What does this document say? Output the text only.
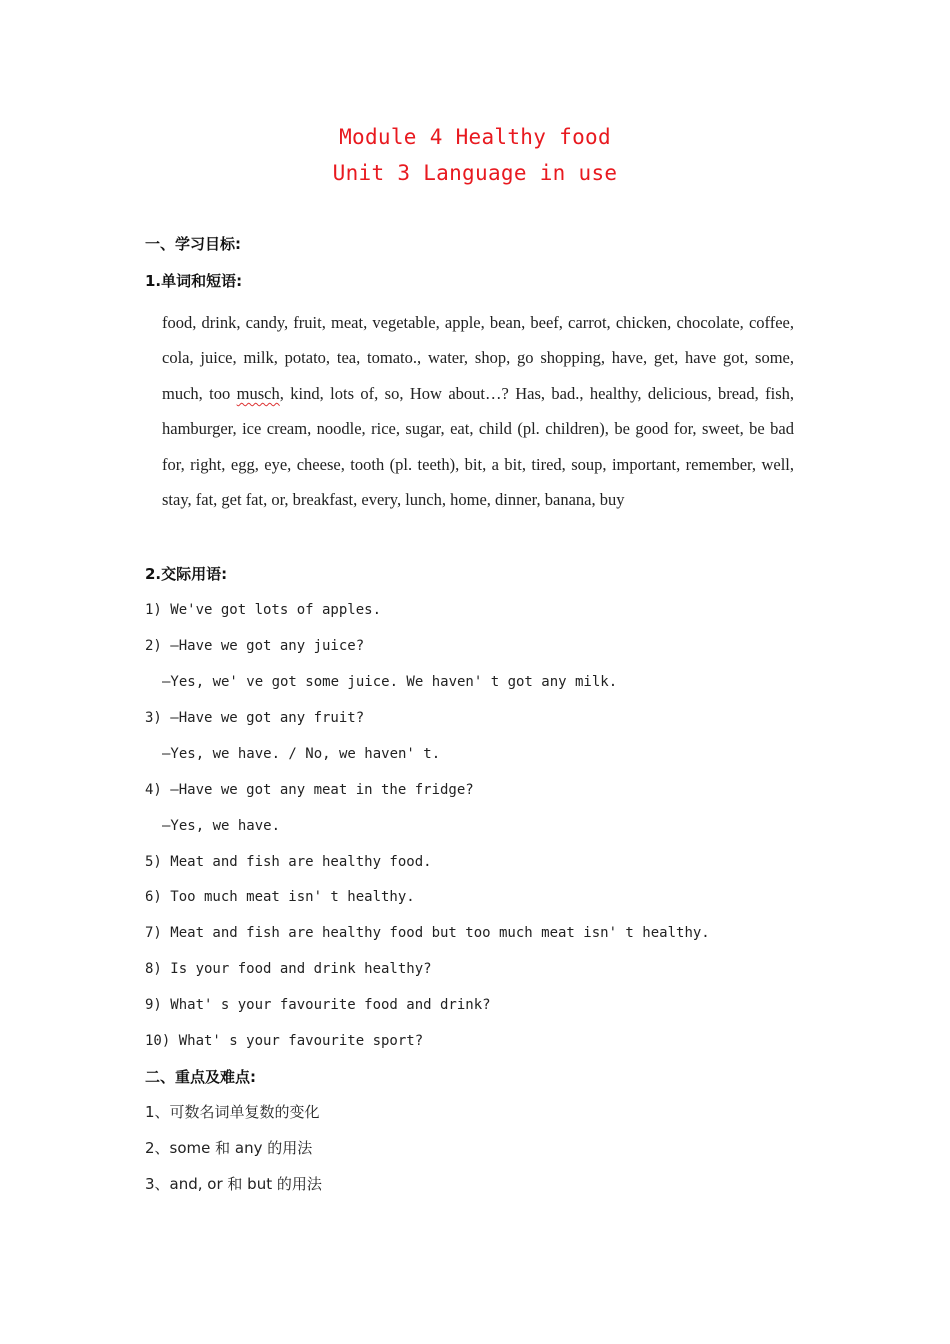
Module 4 Healthy food
Unit 3 Language in use
一、学习目标:
1.单词和短语:
food, drink, candy, fruit, meat, vegetable, apple, bean, beef, carrot, chicken, chocolate, coffee, cola, juice, milk, potato, tea, tomato., water, shop, go shopping, have, get, have got, some, much, too musch, kind, lots of, so, How about…? Has, bad., healthy, delicious, bread, fish, hamburger, ice cream, noodle, rice, sugar, eat, child (pl. children), be good for, sweet, be bad for, right, egg, eye, cheese, tooth (pl. teeth), bit, a bit, tired, soup, important, remember, well, stay, fat, get fat, or, breakfast, every, lunch, home, dinner, banana, buy
2.交际用语:
1) We've got lots of apples.
2) —Have we got any juice?
—Yes, we' ve got some juice. We haven' t got any milk.
3) —Have we got any fruit?
—Yes, we have. / No, we haven' t.
4) —Have we got any meat in the fridge?
—Yes, we have.
5) Meat and fish are healthy food.
6) Too much meat isn' t healthy.
7) Meat and fish are healthy food but too much meat isn' t healthy.
8) Is your food and drink healthy?
9) What' s your favourite food and drink?
10) What' s your favourite sport?
二、重点及难点:
1、可数名词单复数的变化
2、some 和 any 的用法
3、and, or 和 but 的用法
